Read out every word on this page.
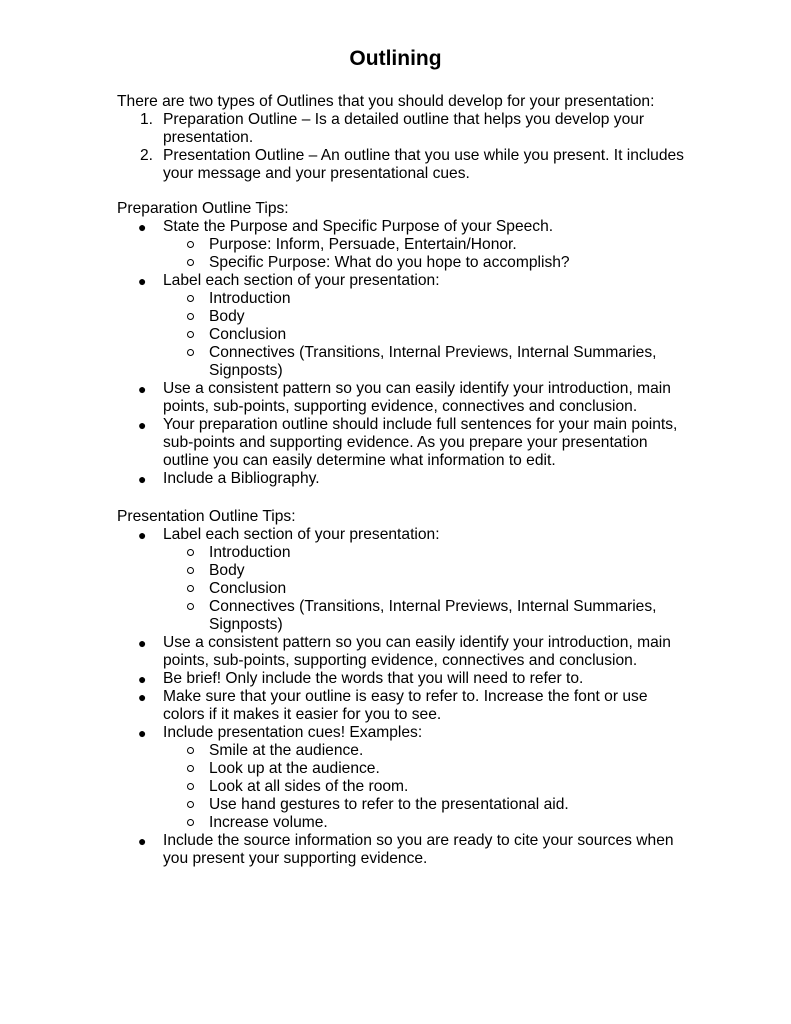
Outlining
There are two types of Outlines that you should develop for your presentation:
1. Preparation Outline – Is a detailed outline that helps you develop your presentation.
2. Presentation Outline – An outline that you use while you present. It includes your message and your presentational cues.
Preparation Outline Tips:
● State the Purpose and Specific Purpose of your Speech.
Purpose: Inform, Persuade, Entertain/Honor.
Specific Purpose: What do you hope to accomplish?
● Label each section of your presentation:
Introduction
Body
Conclusion
Connectives (Transitions, Internal Previews, Internal Summaries, Signposts)
● Use a consistent pattern so you can easily identify your introduction, main points, sub-points, supporting evidence, connectives and conclusion.
● Your preparation outline should include full sentences for your main points, sub-points and supporting evidence. As you prepare your presentation outline you can easily determine what information to edit.
● Include a Bibliography.
Presentation Outline Tips:
● Label each section of your presentation:
Introduction
Body
Conclusion
Connectives (Transitions, Internal Previews, Internal Summaries, Signposts)
● Use a consistent pattern so you can easily identify your introduction, main points, sub-points, supporting evidence, connectives and conclusion.
● Be brief! Only include the words that you will need to refer to.
● Make sure that your outline is easy to refer to. Increase the font or use colors if it makes it easier for you to see.
● Include presentation cues! Examples:
Smile at the audience.
Look up at the audience.
Look at all sides of the room.
Use hand gestures to refer to the presentational aid.
Increase volume.
● Include the source information so you are ready to cite your sources when you present your supporting evidence.
